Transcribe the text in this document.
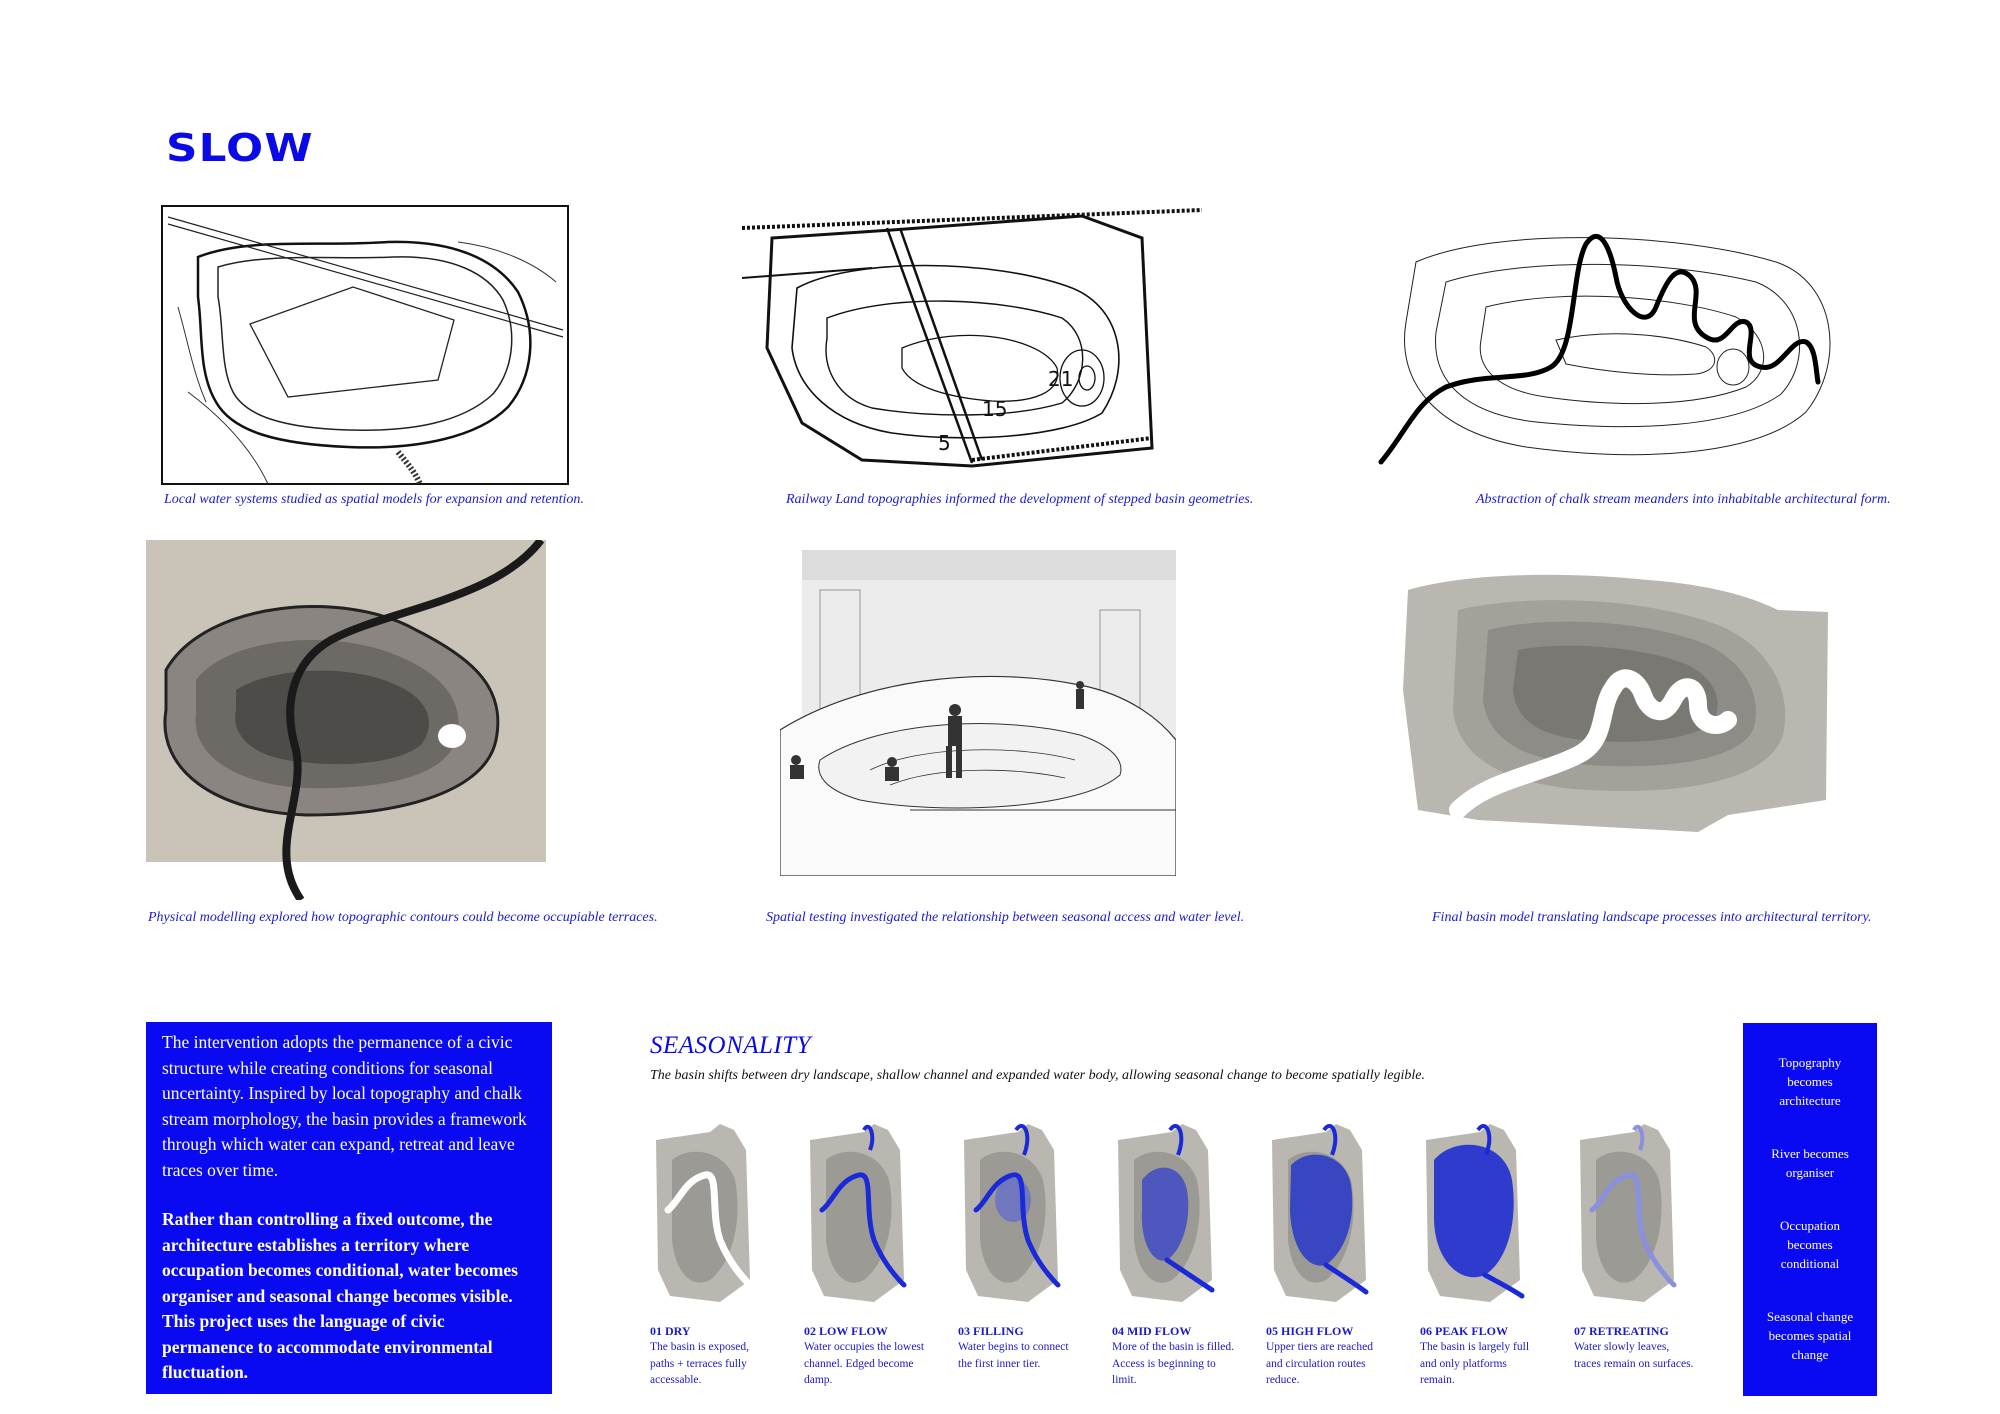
SLOW
21
15
5
Local water systems studied as spatial models for expansion and retention.	Railway Land topographies informed the development of stepped basin geometries.	Abstraction of chalk stream meanders into inhabitable architectural form.
Physical modelling explored how topographic contours could become occupiable terraces.	Spatial testing investigated the relationship between seasonal access and water level.	Final basin model translating landscape processes into architectural territory.

The intervention adopts the permanence of a civic structure while creating conditions for seasonal uncertainty. Inspired by local topography and chalk stream morphology, the basin provides a framework through which water can expand, retreat and leave traces over time.

Rather than controlling a fixed outcome, the architecture establishes a territory where occupation becomes conditional, water becomes organiser and seasonal change becomes visible. This project uses the language of civic permanence to accommodate environmental fluctuation.

SEASONALITY
The basin shifts between dry landscape, shallow channel and expanded water body, allowing seasonal change to become spatially legible.
01 DRY
The basin is exposed, paths + terraces fully accessable.
02 LOW FLOW
Water occupies the lowest channel. Edged become damp.
03 FILLING
Water begins to connect the first inner tier.
04 MID FLOW
More of the basin is filled. Access is beginning to limit.
05 HIGH FLOW
Upper tiers are reached and circulation routes reduce.
06 PEAK FLOW
The basin is largely full and only platforms remain.
07 RETREATING
Water slowly leaves, traces remain on surfaces.
Topography becomes architecture
River becomes organiser
Occupation becomes conditional
Seasonal change becomes spatial change
